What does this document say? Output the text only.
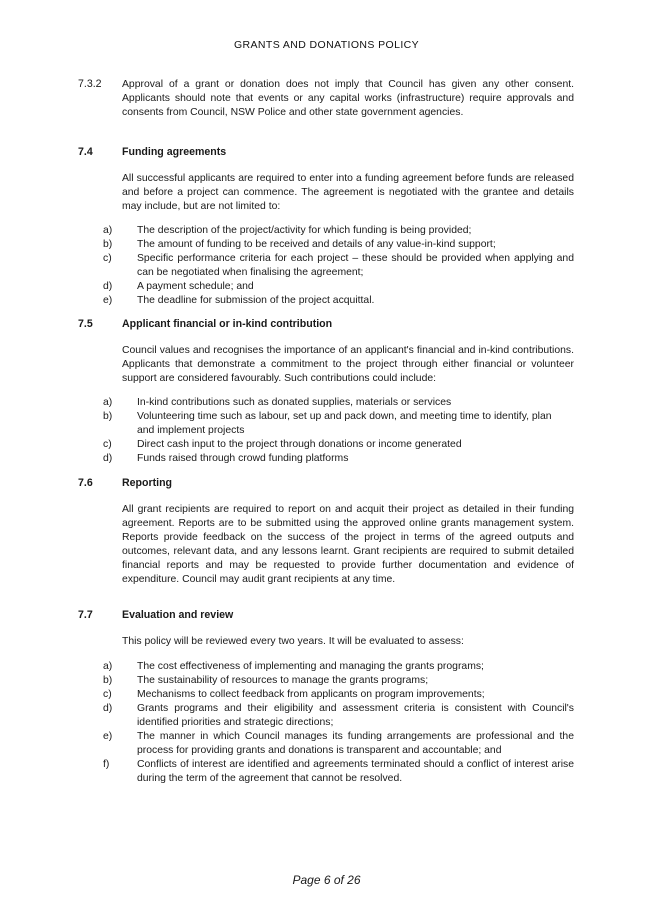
GRANTS AND DONATIONS POLICY
7.3.2 Approval of a grant or donation does not imply that Council has given any other consent. Applicants should note that events or any capital works (infrastructure) require approvals and consents from Council, NSW Police and other state government agencies.

7.4	Funding agreements

All successful applicants are required to enter into a funding agreement before funds are released and before a project can commence. The agreement is negotiated with the grantee and details may include, but are not limited to:

a) The description of the project/activity for which funding is being provided;
b) The amount of funding to be received and details of any value-in-kind support;
c) Specific performance criteria for each project – these should be provided when applying and can be negotiated when finalising the agreement;
d) A payment schedule; and
e) The deadline for submission of the project acquittal.
7.5	Applicant financial or in-kind contribution

Council values and recognises the importance of an applicant's financial and in-kind contributions. Applicants that demonstrate a commitment to the project through either financial or volunteer support are considered favourably. Such contributions could include:

a) In-kind contributions such as donated supplies, materials or services
b) Volunteering time such as labour, set up and pack down, and meeting time to identify, plan and implement projects
c) Direct cash input to the project through donations or income generated
d) Funds raised through crowd funding platforms
7.6	Reporting

All grant recipients are required to report on and acquit their project as detailed in their funding agreement. Reports are to be submitted using the approved online grants management system. Reports provide feedback on the success of the project in terms of the agreed outputs and outcomes, relevant data, and any lessons learnt. Grant recipients are required to submit detailed financial reports and may be requested to provide further documentation and evidence of expenditure. Council may audit grant recipients at any time.

7.7	Evaluation and review

This policy will be reviewed every two years. It will be evaluated to assess:

a) The cost effectiveness of implementing and managing the grants programs;
b) The sustainability of resources to manage the grants programs;
c) Mechanisms to collect feedback from applicants on program improvements;
d) Grants programs and their eligibility and assessment criteria is consistent with Council's identified priorities and strategic directions;
e) The manner in which Council manages its funding arrangements are professional and the process for providing grants and donations is transparent and accountable; and
f)	Conflicts of interest are identified and agreements terminated should a conflict of interest arise during the term of the agreement that cannot be resolved.
Page 6 of 26
